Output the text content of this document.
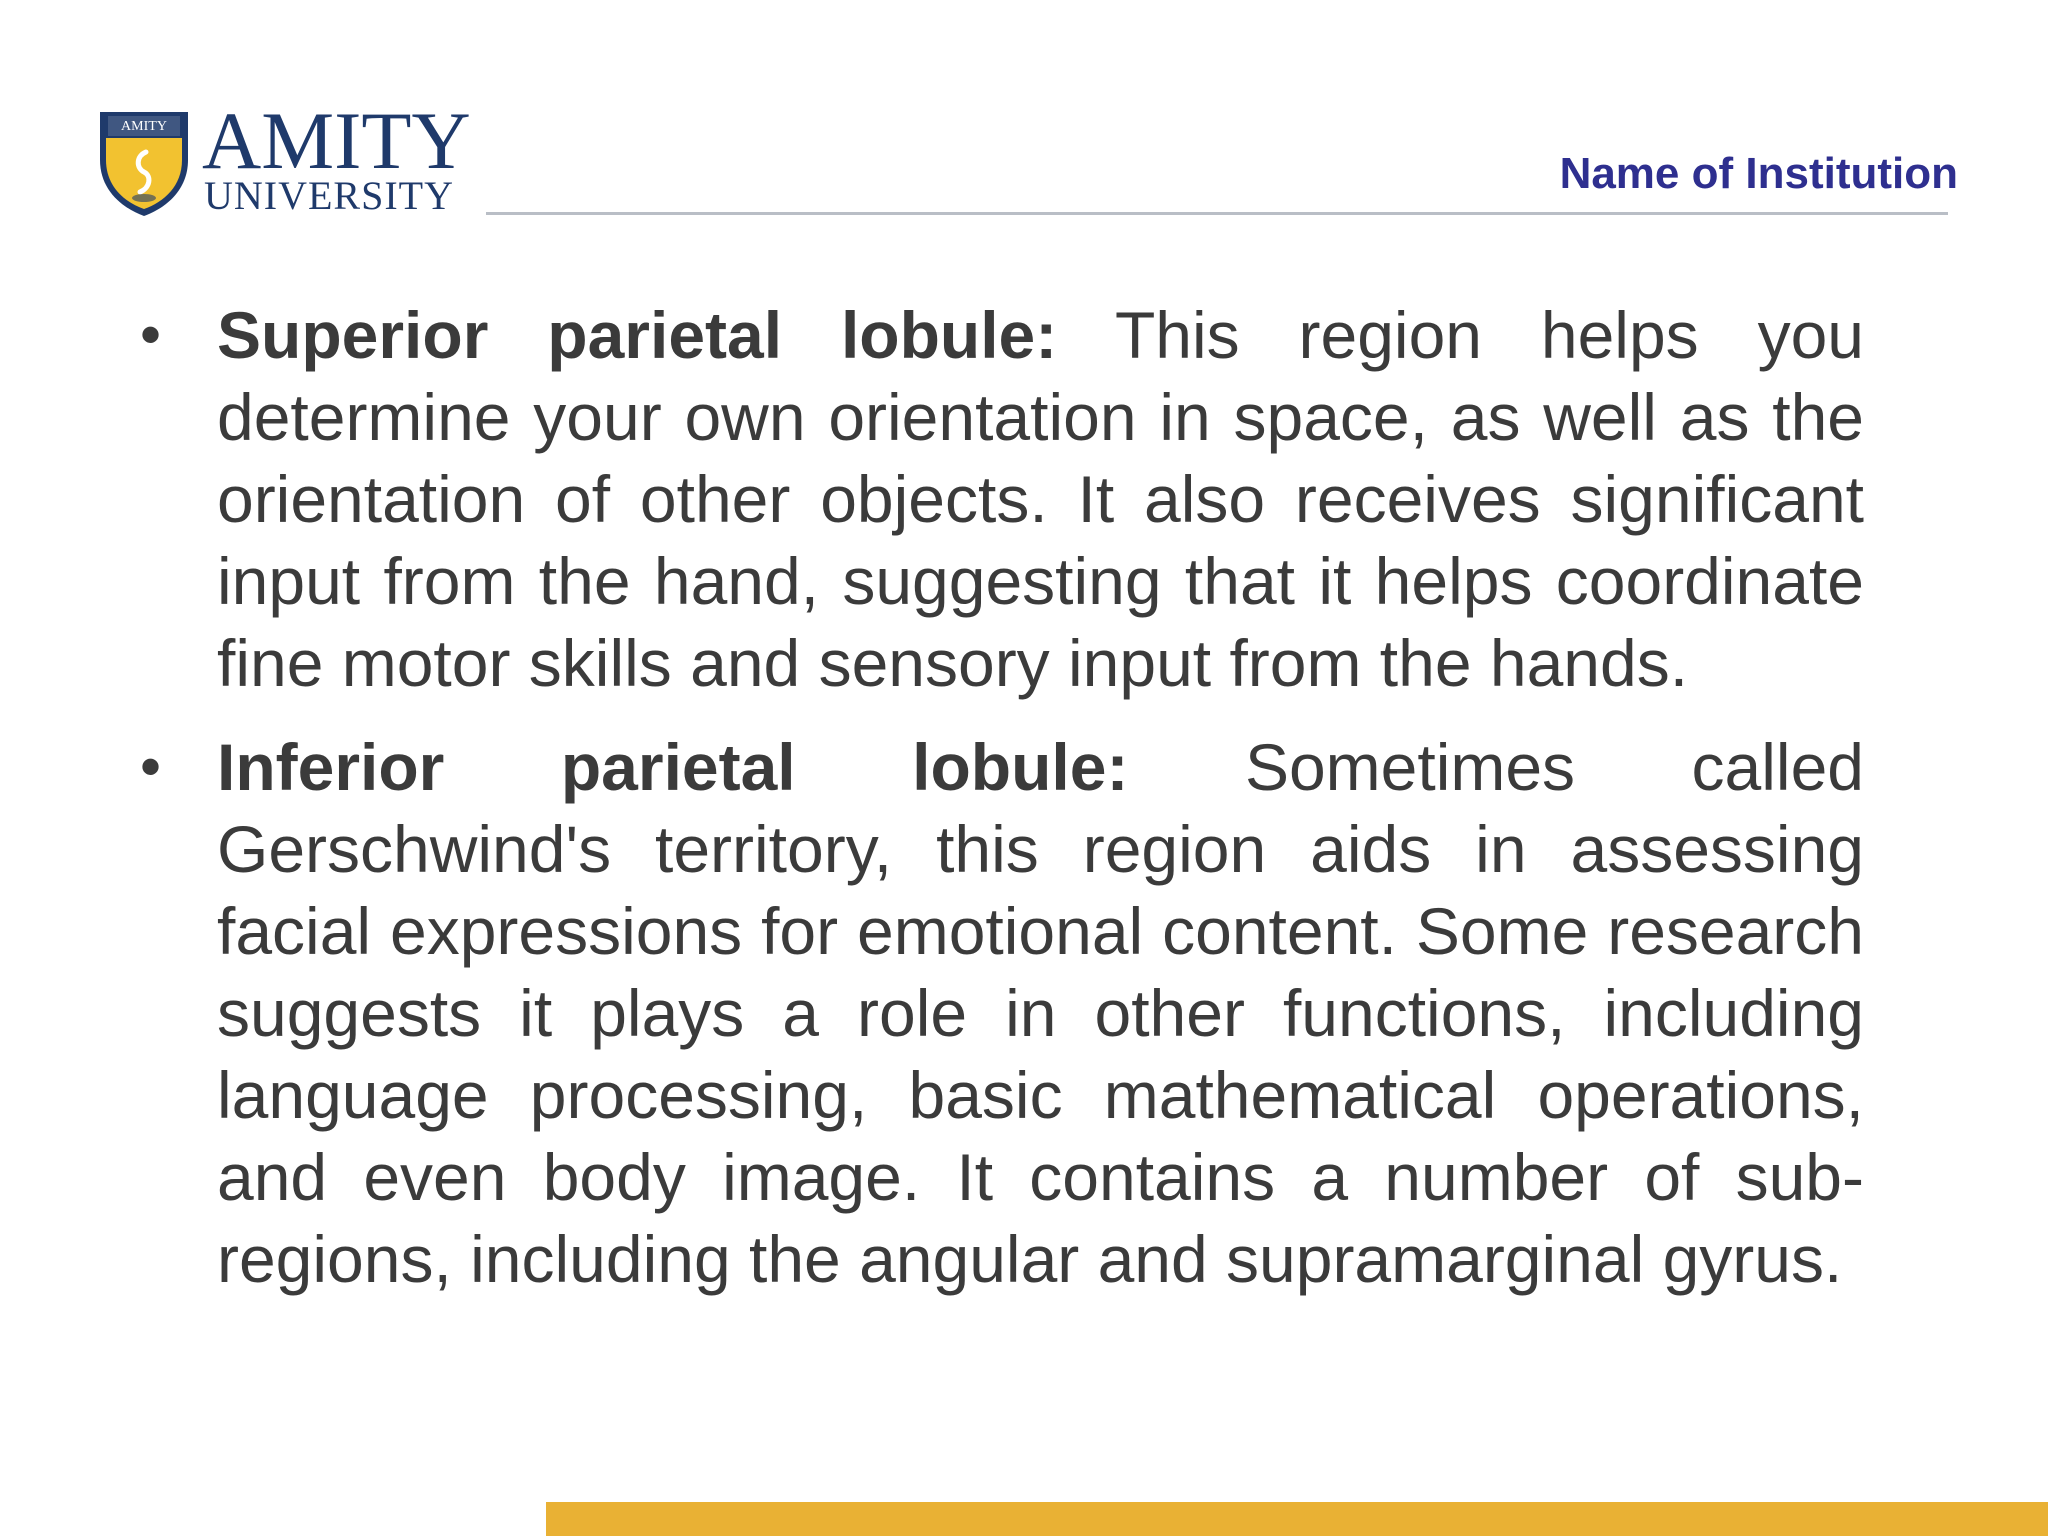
AMITY AMITY
UNIVERSITY	Name of Institution
• Superior parietal lobule: This region helps you determine your own orientation in space, as well as the orientation of other objects. It also receives significant input from the hand, suggesting that it helps coordinate fine motor skills and sensory input from the hands.
• Inferior parietal lobule: Sometimes called Gerschwind's territory, this region aids in assessing facial expressions for emotional content. Some research suggests it plays a role in other functions, including language processing, basic mathematical operations, and even body image. It contains a number of sub-regions, including the angular and supramarginal gyrus.
